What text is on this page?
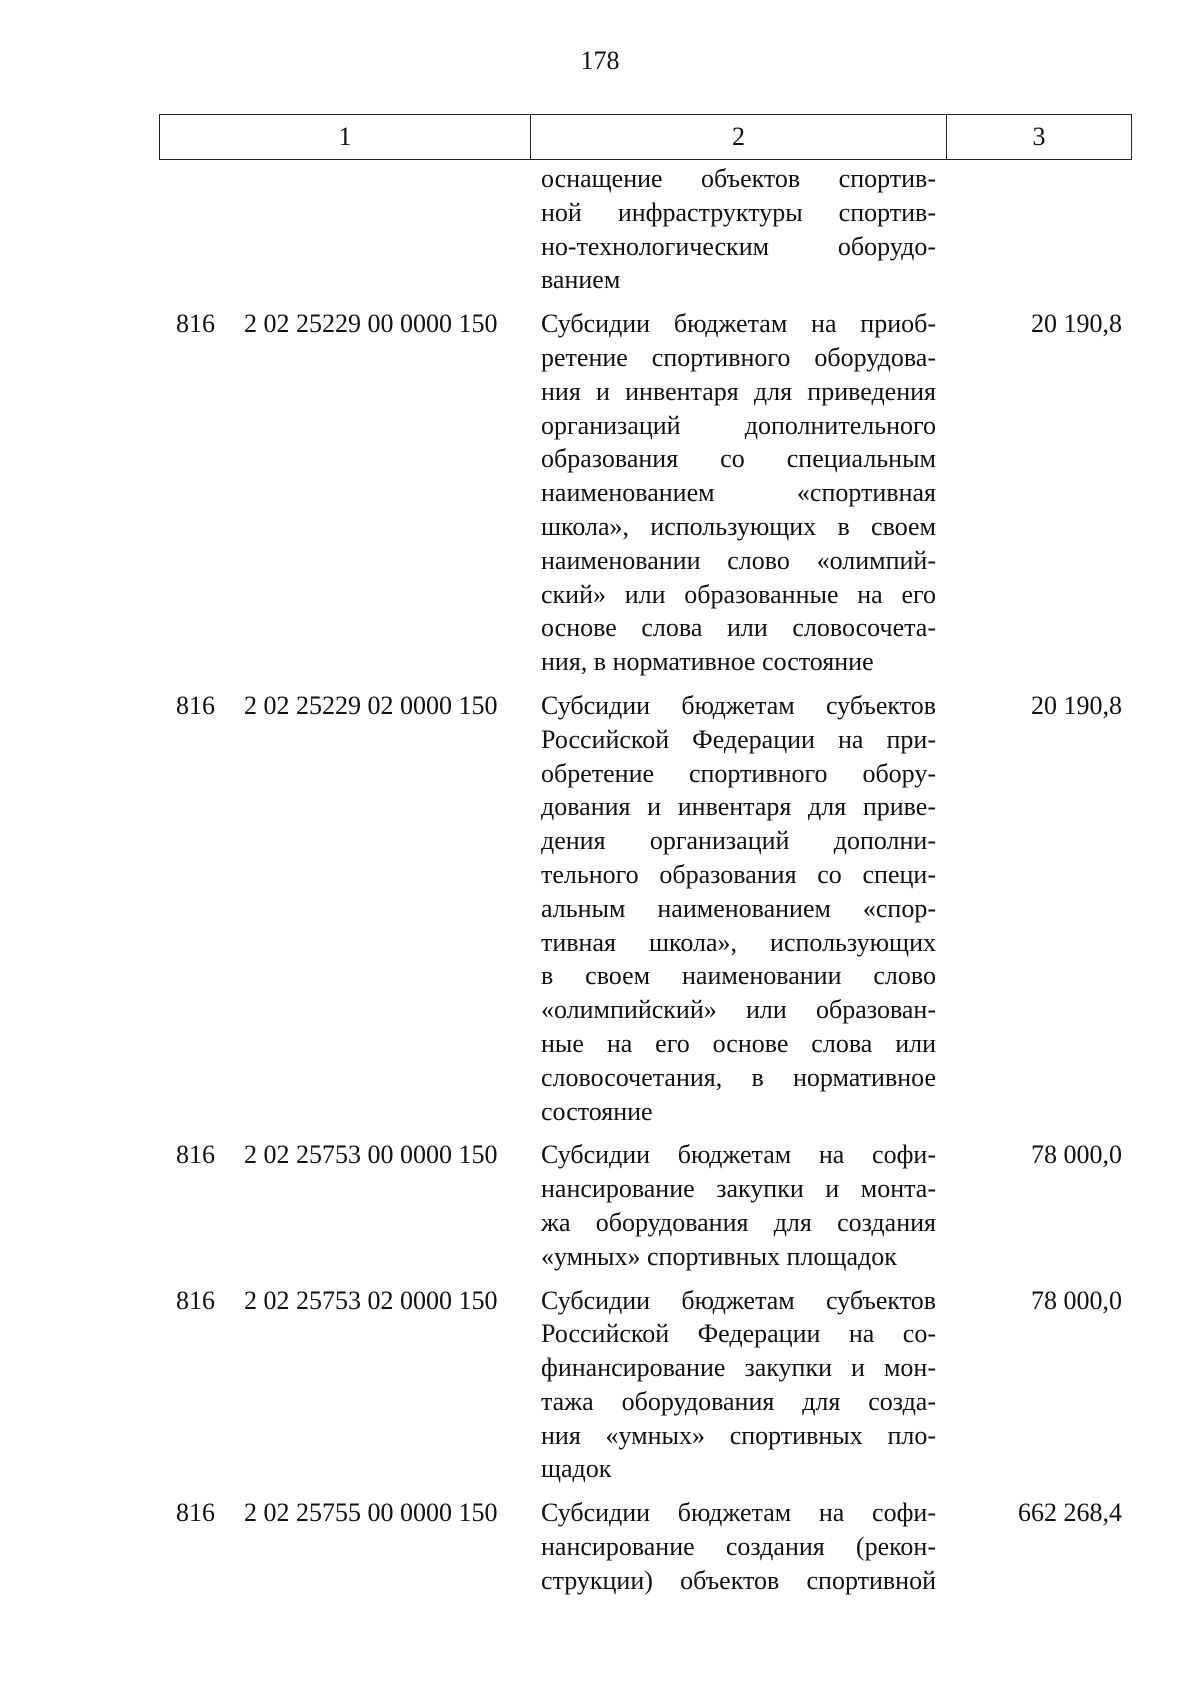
178
1	2	3
оснащение объектов спортив-
ной инфраструктуры спортив-
но-технологическим оборудо-
ванием
816 2 02 25229 00 0000 150 Субсидии бюджетам на приоб-
ретение спортивного оборудова-
ния и инвентаря для приведения
организаций дополнительного
образования со специальным
наименованием «спортивная
школа», использующих в своем
наименовании слово «олимпий-
ский» или образованные на его
основе слова или словосочета-
ния, в нормативное состояние
20 190,8
816 2 02 25229 02 0000 150 Субсидии бюджетам субъектов
Российской Федерации на при-
обретение спортивного обору-
дования и инвентаря для приве-
дения организаций дополни-
тельного образования со специ-
альным наименованием «спор-
тивная школа», использующих
в своем наименовании слово
«олимпийский» или образован-
ные на его основе слова или
словосочетания, в нормативное
состояние
20 190,8
816 2 02 25753 00 0000 150 Субсидии бюджетам на софи-
нансирование закупки и монта-
жа оборудования для создания
«умных» спортивных площадок
78 000,0
816 2 02 25753 02 0000 150 Субсидии бюджетам субъектов
Российской Федерации на со-
финансирование закупки и мон-
тажа оборудования для созда-
ния «умных» спортивных пло-
щадок
78 000,0
816 2 02 25755 00 0000 150 Субсидии бюджетам на софи-
нансирование создания (рекон-
струкции) объектов спортивной
662 268,4
